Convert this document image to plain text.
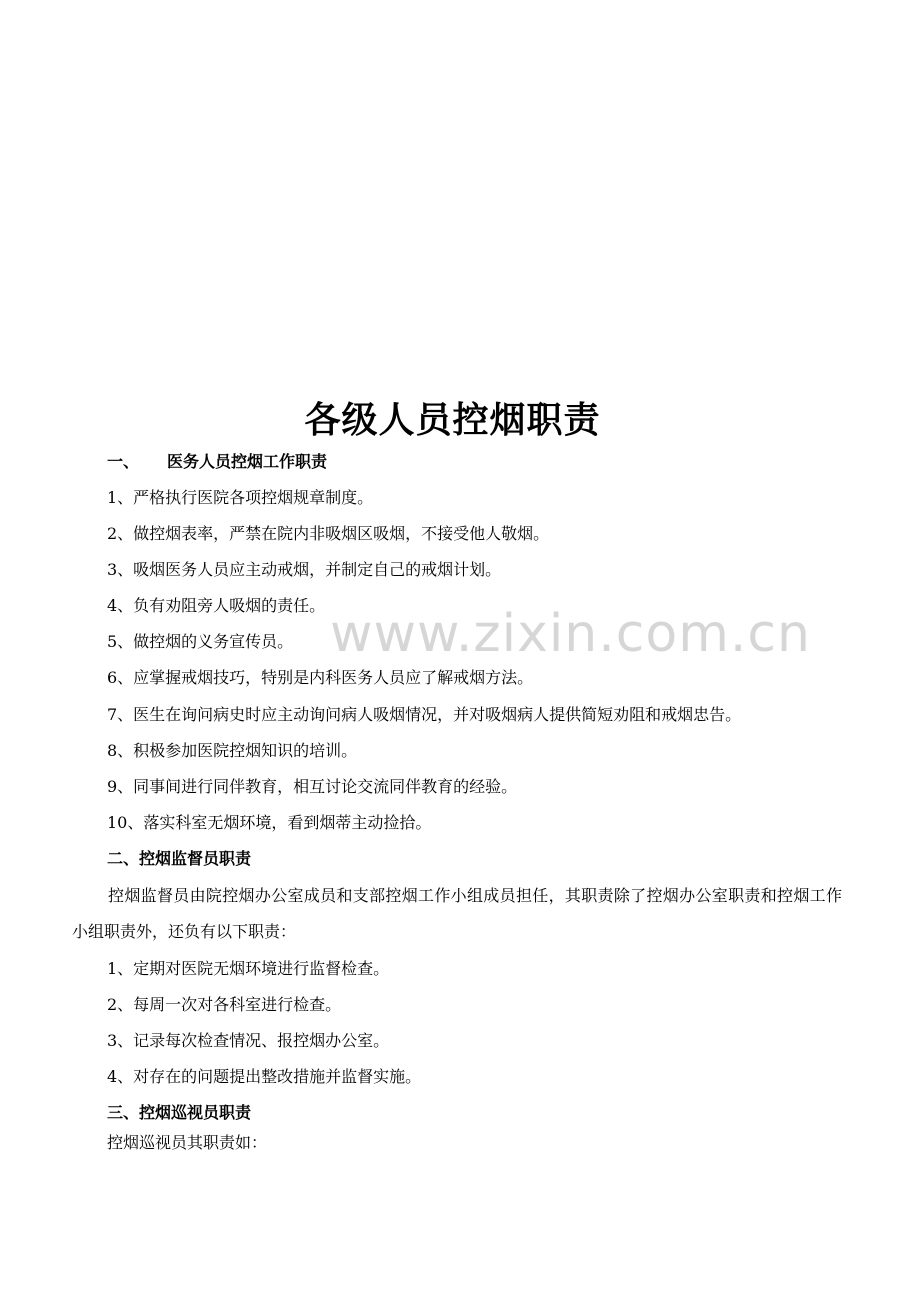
www.zixin.com.cn
各级人员控烟职责
一、 医务人员控烟工作职责
1、严格执行医院各项控烟规章制度。
2、做控烟表率，严禁在院内非吸烟区吸烟，不接受他人敬烟。
3、吸烟医务人员应主动戒烟，并制定自己的戒烟计划。
4、负有劝阻旁人吸烟的责任。
5、做控烟的义务宣传员。
6、应掌握戒烟技巧，特别是内科医务人员应了解戒烟方法。
7、医生在询问病史时应主动询问病人吸烟情况，并对吸烟病人提供简短劝阻和戒烟忠告。
8、积极参加医院控烟知识的培训。
9、同事间进行同伴教育，相互讨论交流同伴教育的经验。
10、落实科室无烟环境，看到烟蒂主动捡拾。
二、控烟监督员职责
控烟监督员由院控烟办公室成员和支部控烟工作小组成员担任，其职责除了控烟办公室职责和控烟工作小组职责外，还负有以下职责：
1、定期对医院无烟环境进行监督检查。
2、每周一次对各科室进行检查。
3、记录每次检查情况、报控烟办公室。
4、对存在的问题提出整改措施并监督实施。
三、控烟巡视员职责
控烟巡视员其职责如：
